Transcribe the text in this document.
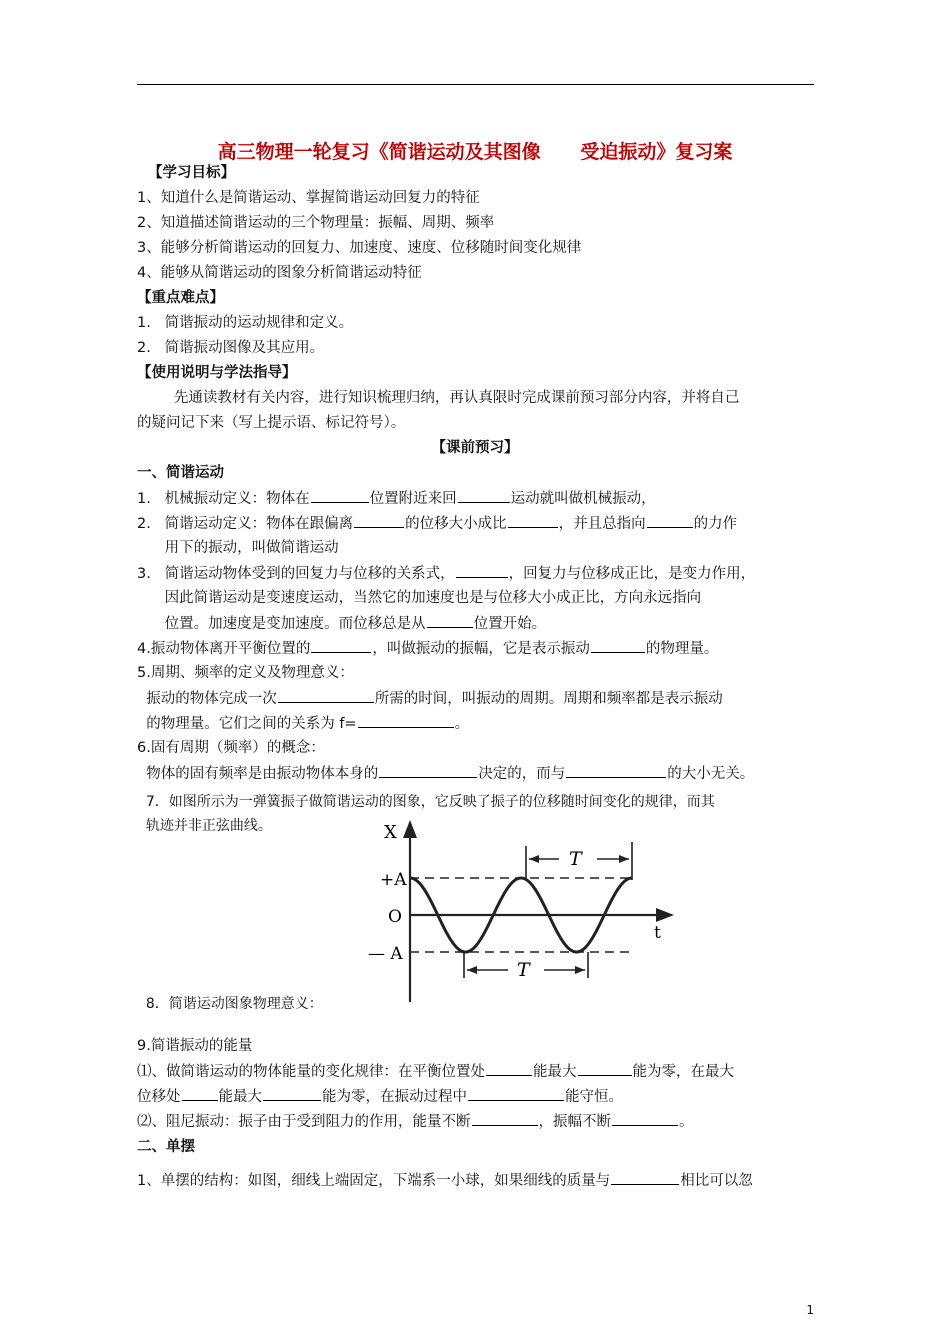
高三物理一轮复习《简谐运动及其图像      受迫振动》复习案
【学习目标】
1、知道什么是简谐运动、掌握简谐运动回复力的特征
2、知道描述简谐运动的三个物理量：振幅、周期、频率
3、能够分析简谐运动的回复力、加速度、速度、位移随时间变化规律
4、能够从简谐运动的图象分析简谐运动特征
【重点难点】
1.   简谐振动的运动规律和定义。
2.   简谐振动图像及其应用。
【使用说明与学法指导】
先通读教材有关内容，进行知识梳理归纳，再认真限时完成课前预习部分内容，并将自己
的疑问记下来（写上提示语、标记符号）。
【课前预习】
一、简谐运动
1.   机械振动定义：物体在	位置附近来回	运动就叫做机械振动，
2.   简谐运动定义：物体在跟偏离	的位移大小成比	，并且总指向	的力作
用下的振动，叫做简谐运动
3.   简谐运动物体受到的回复力与位移的关系式，	，回复力与位移成正比，是变力作用，
因此简谐运动是变速度运动，当然它的加速度也是与位移大小成正比，方向永远指向
位置。加速度是变加速度。而位移总是从	位置开始。
4.振动物体离开平衡位置的	，叫做振动的振幅，它是表示振动	的物理量。
5.周期、频率的定义及物理意义：
振动的物体完成一次	所需的时间，叫振动的周期。周期和频率都是表示振动
的物理量。它们之间的关系为 f=	。
6.固有周期（频率）的概念：
物体的固有频率是由振动物体本身的	决定的，而与	的大小无关。
7．如图所示为一弹簧振子做简谐运动的图象，它反映了振子的位移随时间变化的规律，而其
轨迹并非正弦曲线。	X
t
+A
O
— A
T
T
8．简谐运动图象物理意义：
9.简谐振动的能量
⑴、做简谐运动的物体能量的变化规律：在平衡位置处	能最大	能为零，在最大
位移处	能最大	能为零，在振动过程中	能守恒。
⑵、阻尼振动：振子由于受到阻力的作用，能量不断	，振幅不断	。
二、单摆
1、单摆的结构：如图，细线上端固定，下端系一小球，如果细线的质量与	相比可以忽
1
